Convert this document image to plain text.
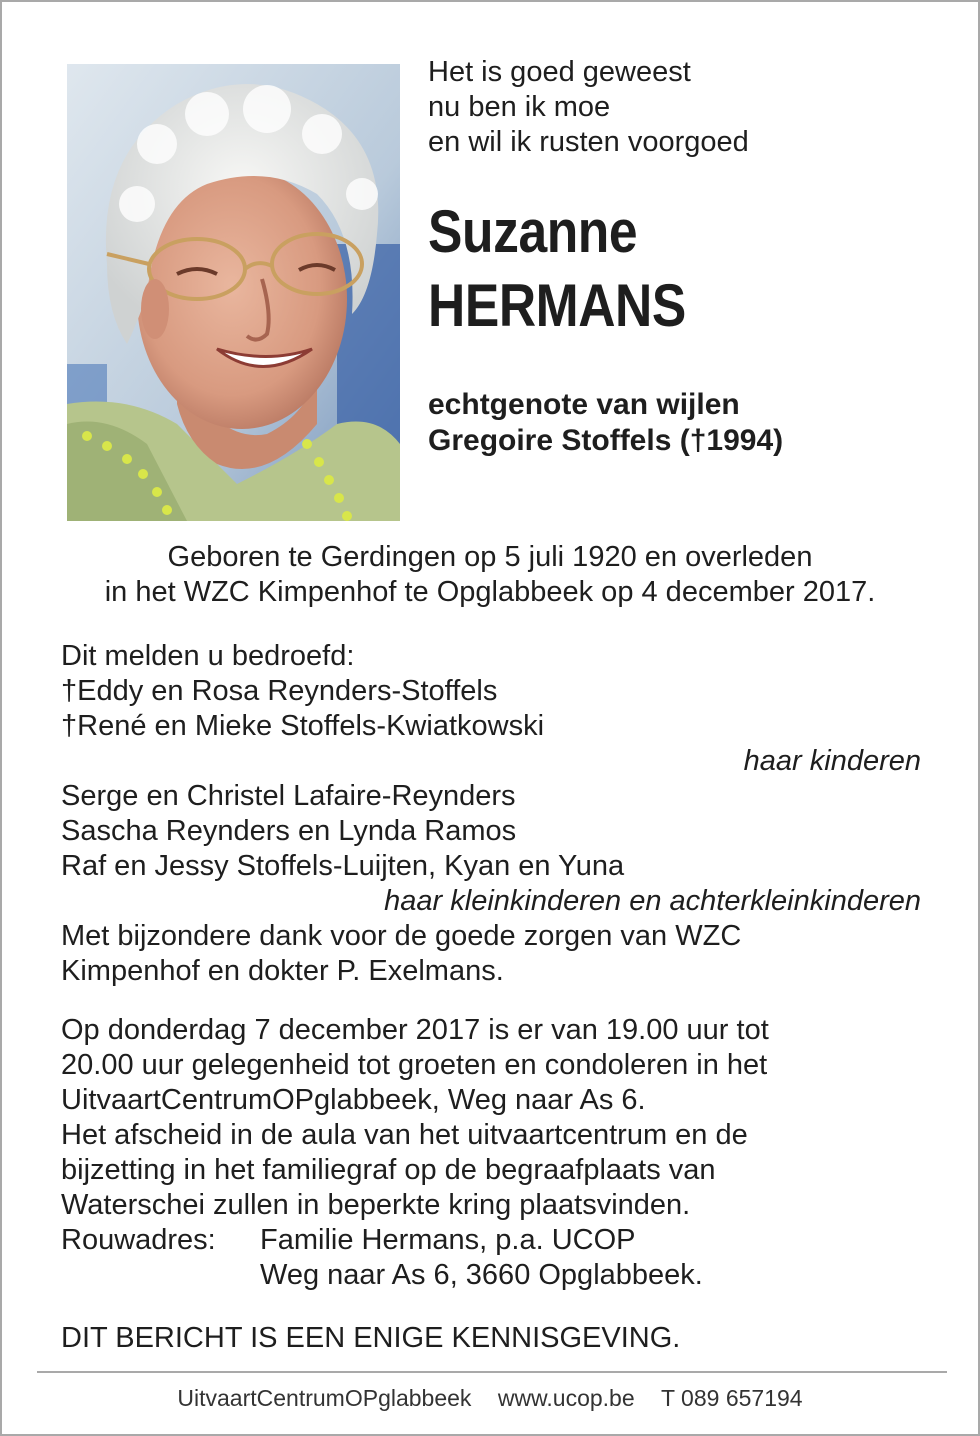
Het is goed geweest
nu ben ik moe
en wil ik rusten voorgoed
Suzanne
HERMANS
echtgenote van wijlen
Gregoire Stoffels (†1994)
Geboren te Gerdingen op 5 juli 1920 en overleden
in het WZC Kimpenhof te Opglabbeek op 4 december 2017.
Dit melden u bedroefd:
†Eddy en Rosa Reynders-Stoffels
†René en Mieke Stoffels-Kwiatkowski
haar kinderen
Serge en Christel Lafaire-Reynders
Sascha Reynders en Lynda Ramos
Raf en Jessy Stoffels-Luijten, Kyan en Yuna
haar kleinkinderen en achterkleinkinderen
Met bijzondere dank voor de goede zorgen van WZC
Kimpenhof en dokter P. Exelmans.
Op donderdag 7 december 2017 is er van 19.00 uur tot
20.00 uur gelegenheid tot groeten en condoleren in het
UitvaartCentrumOPglabbeek, Weg naar As 6.
Het afscheid in de aula van het uitvaartcentrum en de
bijzetting in het familiegraf op de begraafplaats van
Waterschei zullen in beperkte kring plaatsvinden.
Rouwadres:	Familie Hermans, p.a. UCOP
Weg naar As 6, 3660 Opglabbeek.
DIT BERICHT IS EEN ENIGE KENNISGEVING.
UitvaartCentrumOPglabbeek www.ucop.be T 089 657194
